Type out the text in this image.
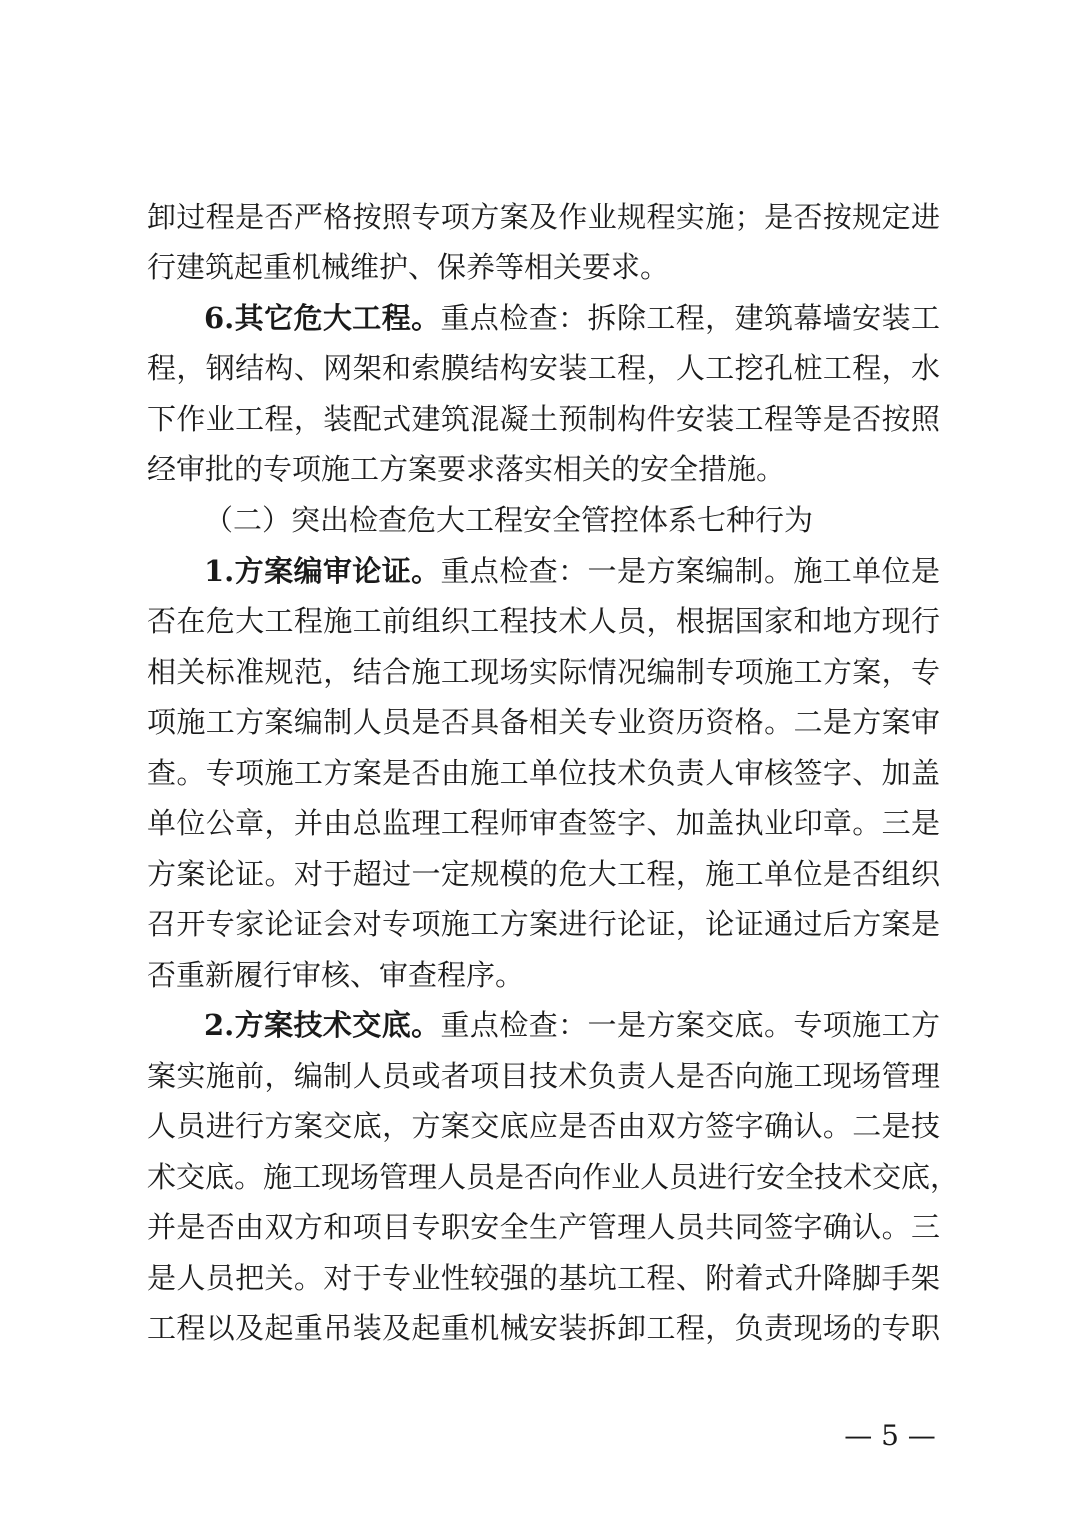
卸过程是否严格按照专项方案及作业规程实施；是否按规定进
行建筑起重机械维护、保养等相关要求。
6.其它危大工程。重点检查：拆除工程，建筑幕墙安装工
程，钢结构、网架和索膜结构安装工程，人工挖孔桩工程，水
下作业工程，装配式建筑混凝土预制构件安装工程等是否按照
经审批的专项施工方案要求落实相关的安全措施。
（二）突出检查危大工程安全管控体系七种行为
1.方案编审论证。重点检查：一是方案编制。施工单位是
否在危大工程施工前组织工程技术人员，根据国家和地方现行
相关标准规范，结合施工现场实际情况编制专项施工方案，专
项施工方案编制人员是否具备相关专业资历资格。二是方案审
查。专项施工方案是否由施工单位技术负责人审核签字、加盖
单位公章，并由总监理工程师审查签字、加盖执业印章。三是
方案论证。对于超过一定规模的危大工程，施工单位是否组织
召开专家论证会对专项施工方案进行论证，论证通过后方案是
否重新履行审核、审查程序。
2.方案技术交底。重点检查：一是方案交底。专项施工方
案实施前，编制人员或者项目技术负责人是否向施工现场管理
人员进行方案交底，方案交底应是否由双方签字确认。二是技
术交底。施工现场管理人员是否向作业人员进行安全技术交底，
并是否由双方和项目专职安全生产管理人员共同签字确认。三
是人员把关。对于专业性较强的基坑工程、附着式升降脚手架
工程以及起重吊装及起重机械安装拆卸工程，负责现场的专职
— 5 —
